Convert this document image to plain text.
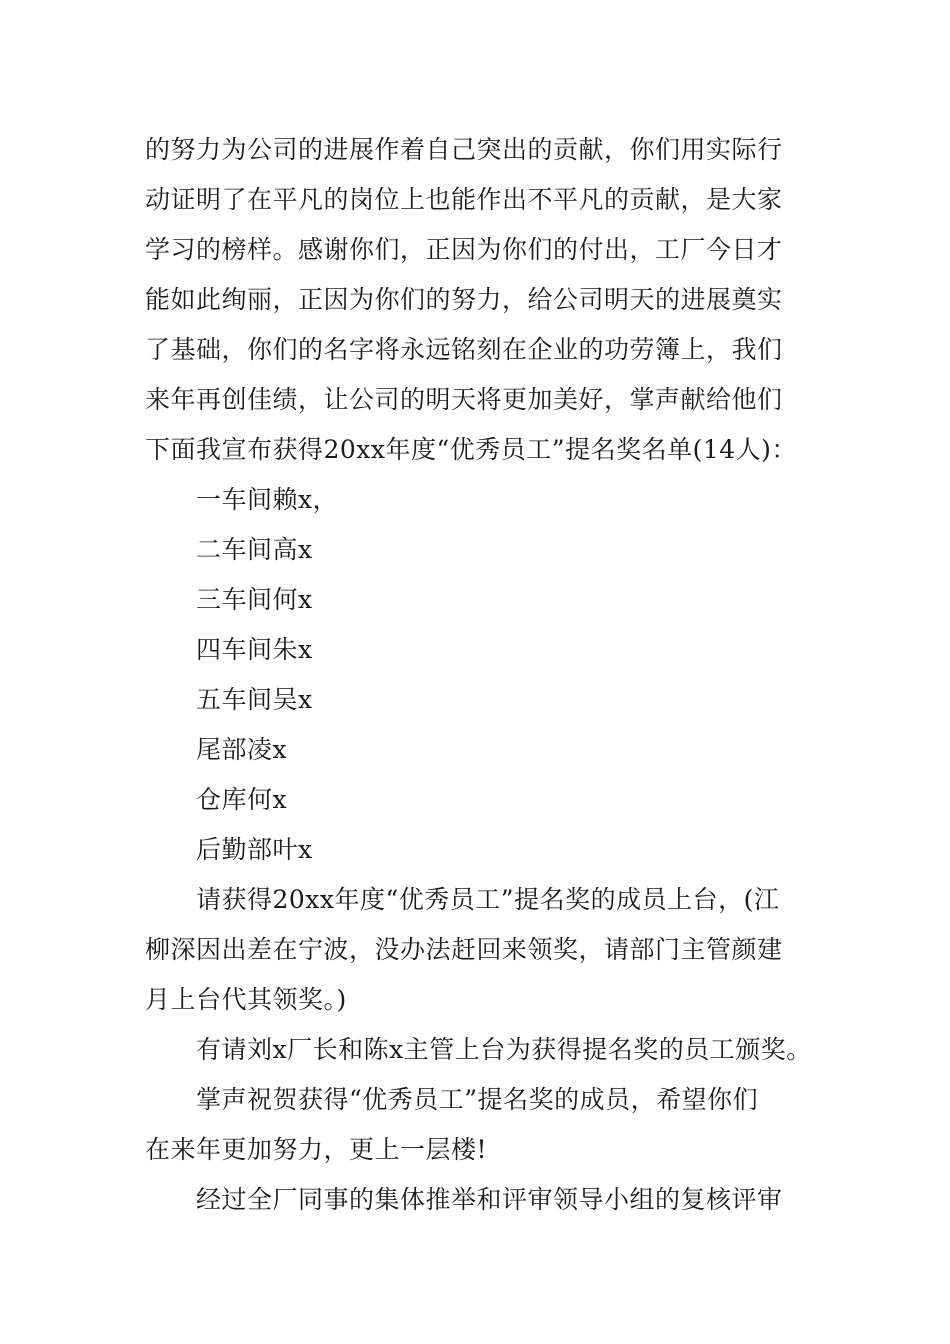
的努力为公司的进展作着自己突出的贡献，你们用实际行
动证明了在平凡的岗位上也能作出不平凡的贡献，是大家
学习的榜样。感谢你们，正因为你们的付出，工厂今日才
能如此绚丽，正因为你们的努力，给公司明天的进展奠实
了基础，你们的名字将永远铭刻在企业的功劳簿上，我们
来年再创佳绩，让公司的明天将更加美好，掌声献给他们
下面我宣布获得20xx年度“优秀员工”提名奖名单(14人)：
一车间赖x，
二车间高x
三车间何x
四车间朱x
五车间吴x
尾部凌x
仓库何x
后勤部叶x
请获得20xx年度“优秀员工”提名奖的成员上台，(江
柳深因出差在宁波，没办法赶回来领奖，请部门主管颜建
月上台代其领奖。)
有请刘x厂长和陈x主管上台为获得提名奖的员工颁奖。
掌声祝贺获得“优秀员工”提名奖的成员，希望你们
在来年更加努力，更上一层楼!
经过全厂同事的集体推举和评审领导小组的复核评审
